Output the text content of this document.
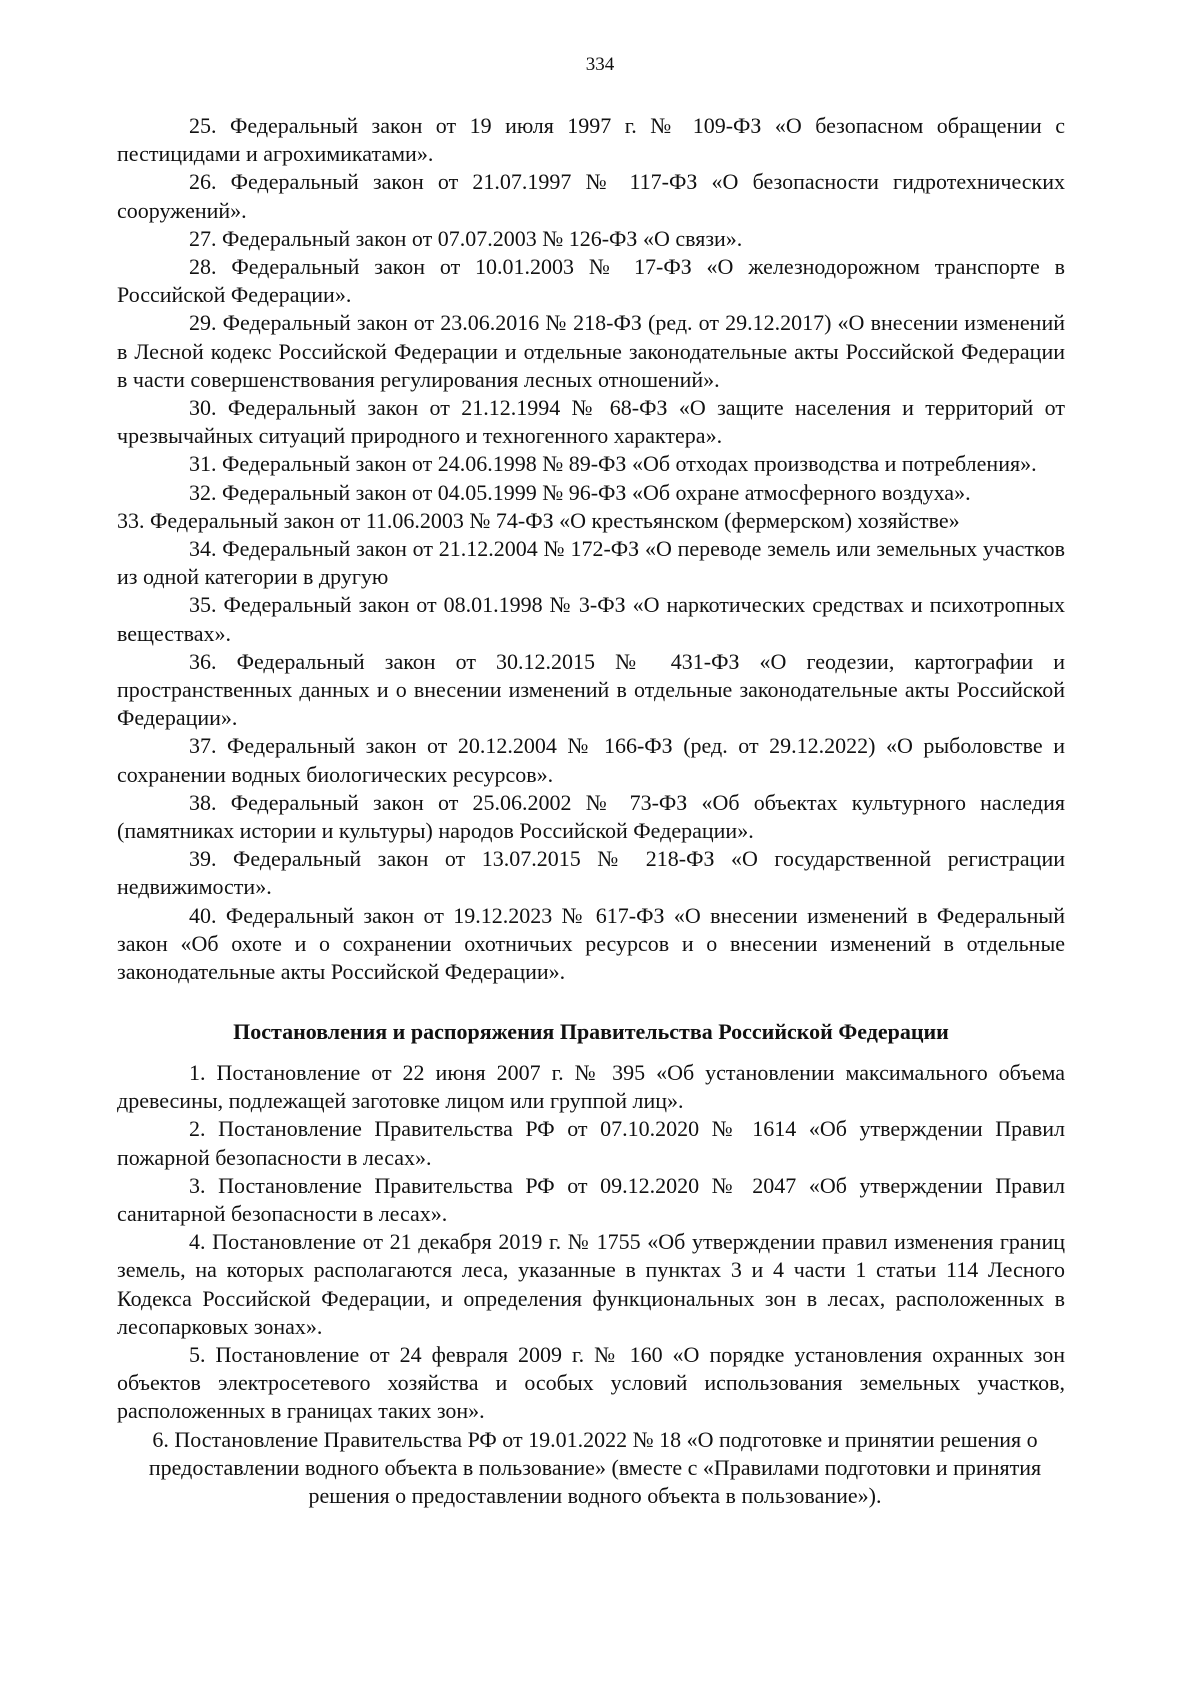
334

25. Федеральный закон от 19 июля 1997 г. № 109-ФЗ «О безопасном обращении с пестицидами и агрохимикатами».

26. Федеральный закон от 21.07.1997 № 117-ФЗ «О безопасности гидротехнических сооружений».

27. Федеральный закон от 07.07.2003 № 126-ФЗ «О связи».

28. Федеральный закон от 10.01.2003 № 17-ФЗ «О железнодорожном транспорте в Российской Федерации».

29. Федеральный закон от 23.06.2016 № 218-ФЗ (ред. от 29.12.2017) «О внесении изменений в Лесной кодекс Российской Федерации и отдельные законодательные акты Российской Федерации в части совершенствования регулирования лесных отношений».

30. Федеральный закон от 21.12.1994 № 68-ФЗ «О защите населения и территорий от чрезвычайных ситуаций природного и техногенного характера».

31. Федеральный закон от 24.06.1998 № 89-ФЗ «Об отходах производства и потребления».

32. Федеральный закон от 04.05.1999 № 96-ФЗ «Об охране атмосферного воздуха».

33. Федеральный закон от 11.06.2003 № 74-ФЗ «О крестьянском (фермерском) хозяйстве»

34. Федеральный закон от 21.12.2004 № 172-ФЗ «О переводе земель или земельных участков из одной категории в другую

35. Федеральный закон от 08.01.1998 № 3-ФЗ «О наркотических средствах и психотропных веществах».

36. Федеральный закон от 30.12.2015 № 431-ФЗ «О геодезии, картографии и пространственных данных и о внесении изменений в отдельные законодательные акты Российской Федерации».

37. Федеральный закон от 20.12.2004 № 166-ФЗ (ред. от 29.12.2022) «О рыболовстве и сохранении водных биологических ресурсов».

38. Федеральный закон от 25.06.2002 № 73-ФЗ «Об объектах культурного наследия (памятниках истории и культуры) народов Российской Федерации».

39. Федеральный закон от 13.07.2015 № 218-ФЗ «О государственной регистрации недвижимости».

40. Федеральный закон от 19.12.2023 № 617-ФЗ «О внесении изменений в Федеральный закон «Об охоте и о сохранении охотничьих ресурсов и о внесении изменений в отдельные законодательные акты Российской Федерации».

Постановления и распоряжения Правительства Российской Федерации

1. Постановление от 22 июня 2007 г. № 395 «Об установлении максимального объема древесины, подлежащей заготовке лицом или группой лиц».

2. Постановление Правительства РФ от 07.10.2020 № 1614 «Об утверждении Правил пожарной безопасности в лесах».

3. Постановление Правительства РФ от 09.12.2020 № 2047 «Об утверждении Правил санитарной безопасности в лесах».

4. Постановление от 21 декабря 2019 г. № 1755 «Об утверждении правил изменения границ земель, на которых располагаются леса, указанные в пунктах 3 и 4 части 1 статьи 114 Лесного Кодекса Российской Федерации, и определения функциональных зон в лесах, расположенных в лесопарковых зонах».

5. Постановление от 24 февраля 2009 г. № 160 «О порядке установления охранных зон объектов электросетевого хозяйства и особых условий использования земельных участков, расположенных в границах таких зон».

6. Постановление Правительства РФ от 19.01.2022 № 18 «О подготовке и принятии решения о предоставлении водного объекта в пользование» (вместе с «Правилами подготовки и принятия решения о предоставлении водного объекта в пользование»).
